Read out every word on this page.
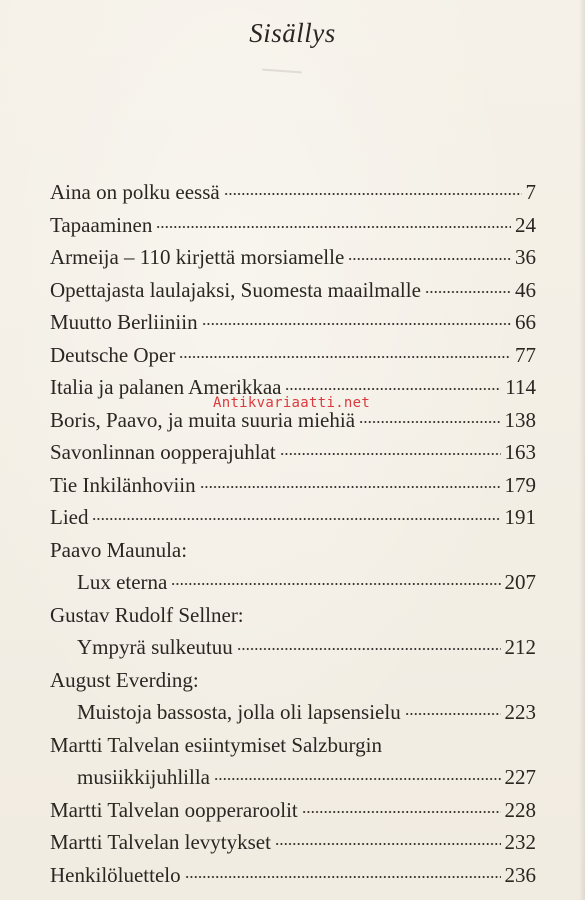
Sisällys
Aina on polku eessä	7
Tapaaminen	24
Armeija – 110 kirjettä morsiamelle	36
Opettajasta laulajaksi, Suomesta maailmalle	46
Muutto Berliiniin	66
Deutsche Oper	77
Italia ja palanen Amerikkaa	114
Boris, Paavo, ja muita suuria miehiä	138
Savonlinnan oopperajuhlat	163
Tie Inkilänhoviin	179
Lied	191
Paavo Maunula:
Lux eterna	207
Gustav Rudolf Sellner:
Ympyrä sulkeutuu	212
August Everding:
Muistoja bassosta, jolla oli lapsensielu	223
Martti Talvelan esiintymiset Salzburgin
musiikkijuhlilla	227
Martti Talvelan oopperaroolit	228
Martti Talvelan levytykset	232
Henkilöluettelo	236
Antikvariaatti.net
